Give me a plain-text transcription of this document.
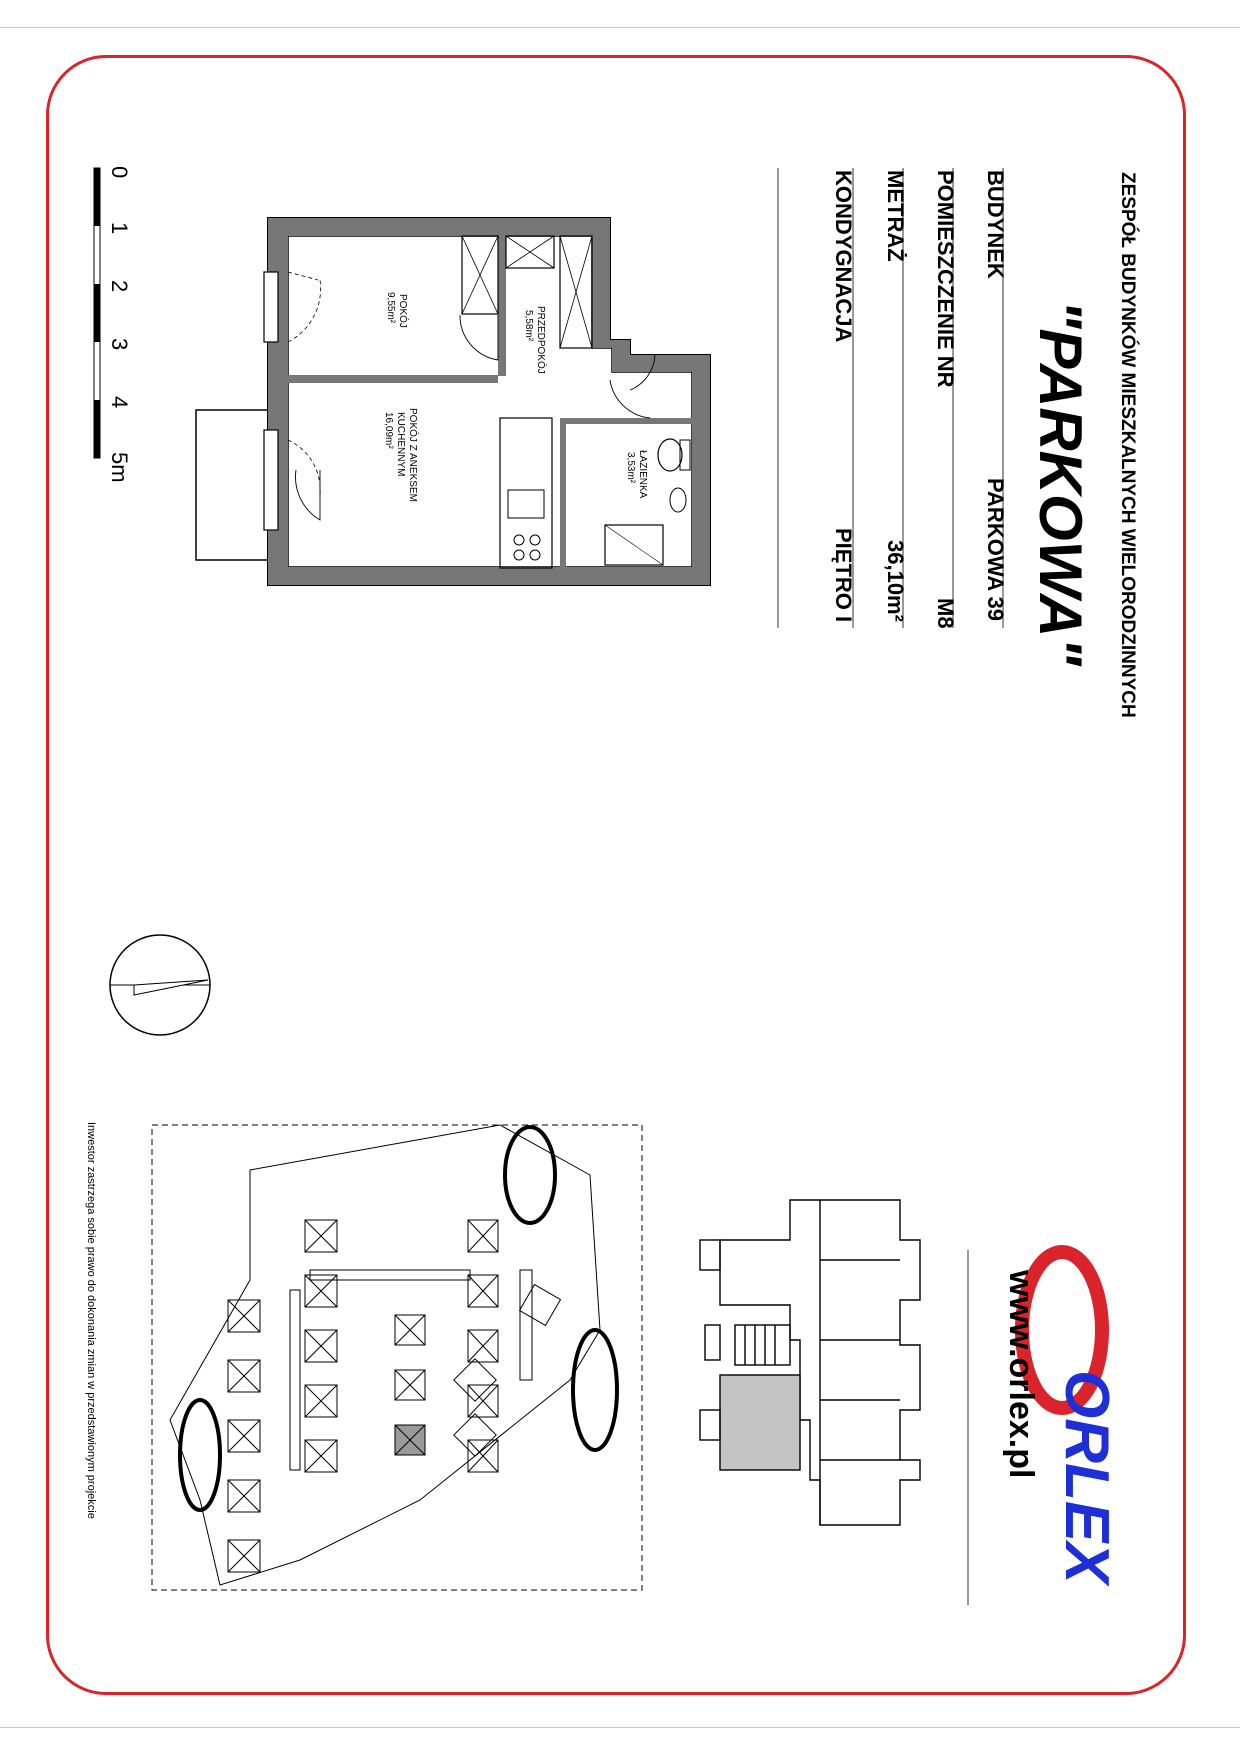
ZESPÓŁ BUDYNKÓW MIESZKALNYCH WIELORODZINNYCH
"PARKOWA"
BUDYNEK
PARKOWA 39
POMIESZCZENIE NR
M8
METRAŻ
36,10m²
KONDYGNACJA
PIĘTRO I
0
1
2
3
4
5m
POKÓJ
9,55m²	PRZEDPOKÓJ
5,58m²
POKÓJ Z ANEKSEM
KUCHENNYM
16,09m²
ŁAZIENKA
3,53m²
ORLEX
www.orlex.pl
Inwestor zastrzega sobie prawo do dokonania zmian w przedstawionym projekcie
